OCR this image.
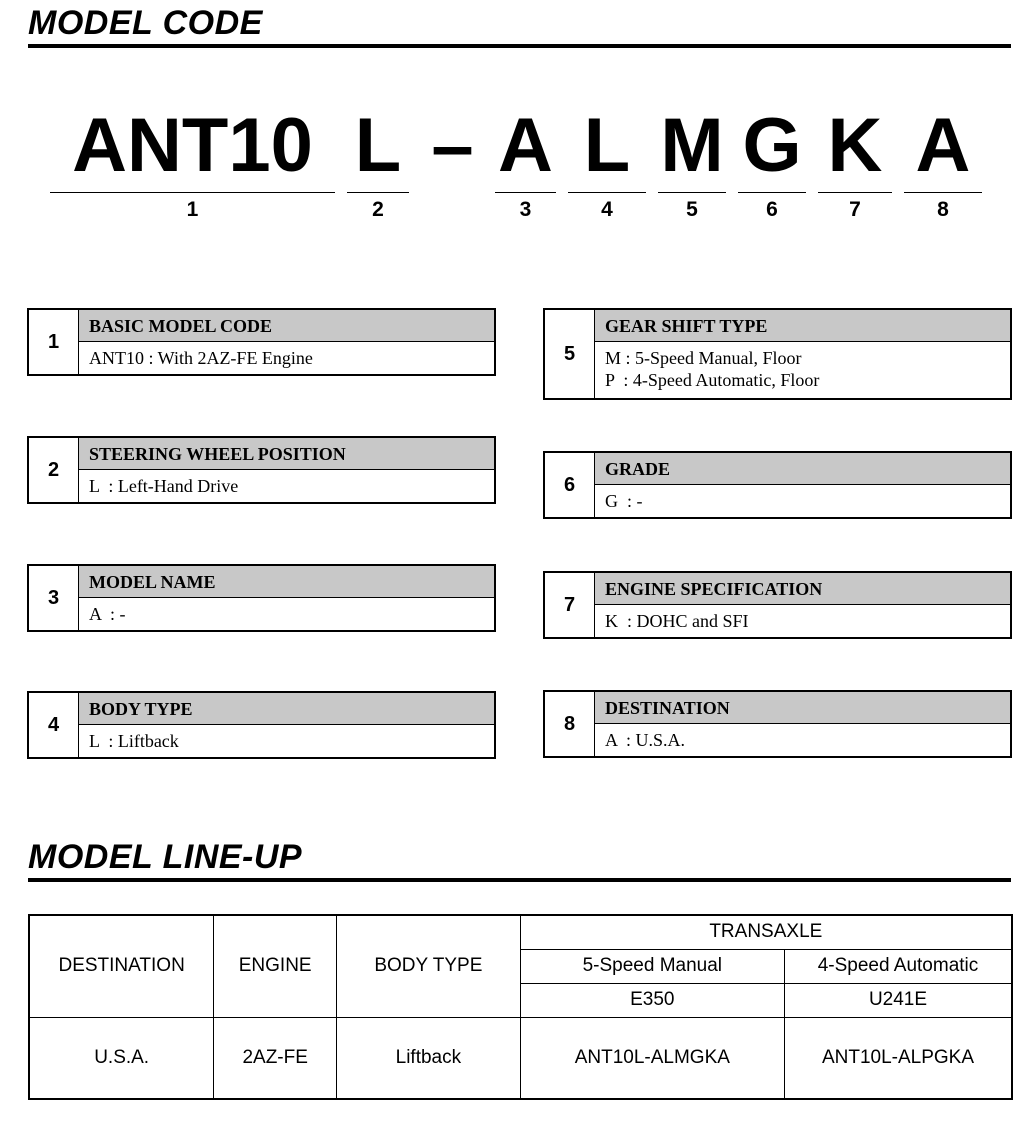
MODEL CODE
ANT10 L – A L M G K A
1	2	3	4	5	6	7	8
1
BASIC MODEL CODE
ANT10 : With 2AZ-FE Engine
2
STEERING WHEEL POSITION
L  : Left-Hand Drive
3
MODEL NAME
A  : -
4
BODY TYPE
L  : Liftback
5
GEAR SHIFT TYPE
M : 5-Speed Manual, Floor
P  : 4-Speed Automatic, Floor
6
GRADE
G  : -
7
ENGINE SPECIFICATION
K  : DOHC and SFI
8
DESTINATION
A  : U.S.A.
MODEL LINE-UP
DESTINATION	ENGINE	BODY TYPE	TRANSAXLE	
			5-Speed Manual	4-Speed Automatic
			E350	U241E
U.S.A.	2AZ-FE	Liftback	ANT10L-ALMGKA	ANT10L-ALPGKA
